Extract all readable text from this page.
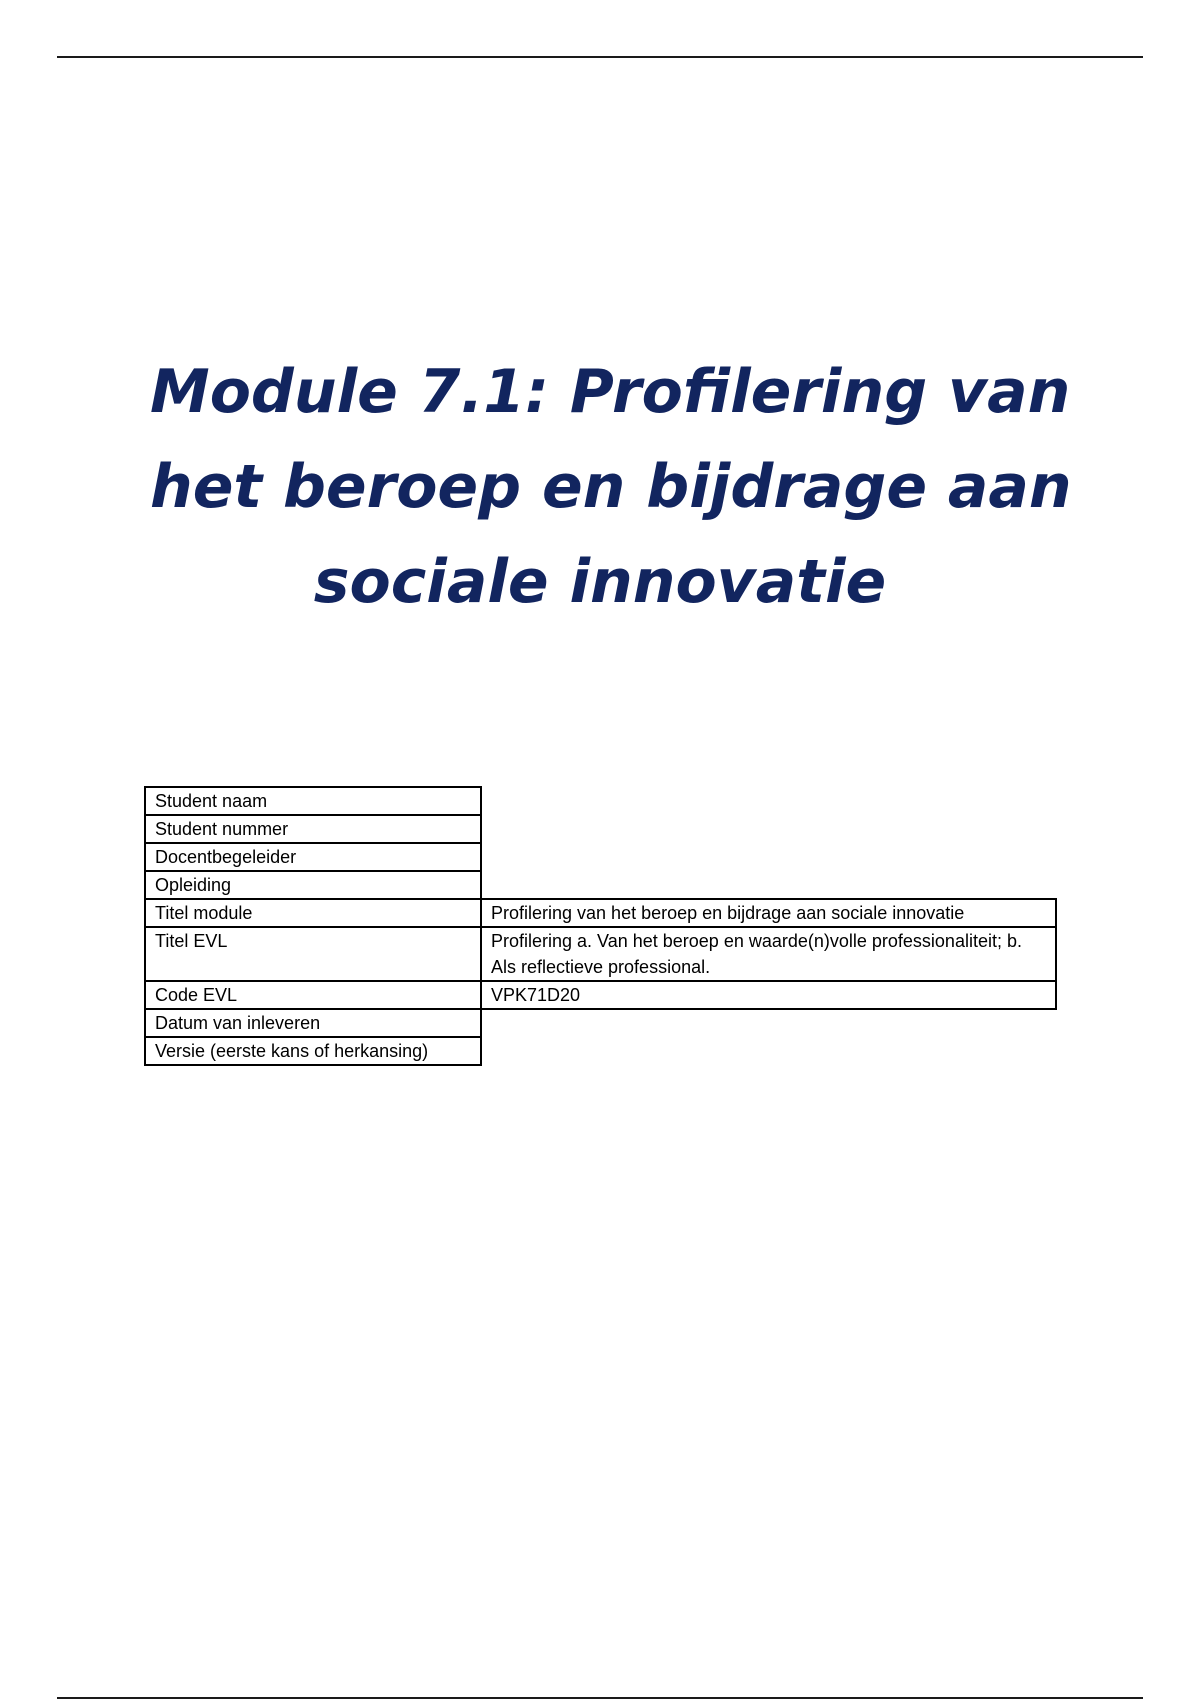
Module 7.1: Profilering van
het beroep en bijdrage aan
sociale innovatie
Student naam	
Student nummer	
Docentbegeleider	
Opleiding	
Titel module	Profilering van het beroep en bijdrage aan sociale innovatie
Titel EVL	Profilering a. Van het beroep en waarde(n)volle professionaliteit; b. Als reflectieve professional.
Code EVL	VPK71D20
Datum van inleveren	
Versie (eerste kans of herkansing)	
